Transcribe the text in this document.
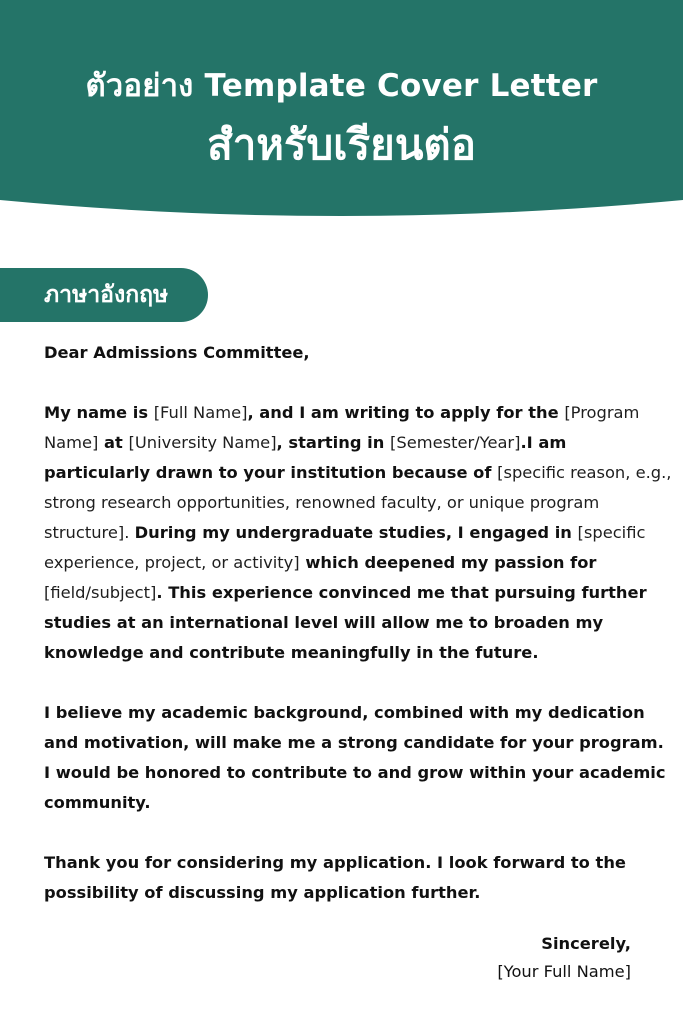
ตัวอย่าง Template Cover Letter
สำหรับเรียนต่อ
ภาษาอังกฤษ

Dear Admissions Committee,

My name is [Full Name], and I am writing to apply for the [Program Name] at [University Name], starting in [Semester/Year].I am particularly drawn to your institution because of [specific reason, e.g., strong research opportunities, renowned faculty, or unique program structure]. During my undergraduate studies, I engaged in [specific experience, project, or activity] which deepened my passion for [field/subject]. This experience convinced me that pursuing further studies at an international level will allow me to broaden my knowledge and contribute meaningfully in the future.

I believe my academic background, combined with my dedication and motivation, will make me a strong candidate for your program. I would be honored to contribute to and grow within your academic community.

Thank you for considering my application. I look forward to the possibility of discussing my application further.

Sincerely,
[Your Full Name]
